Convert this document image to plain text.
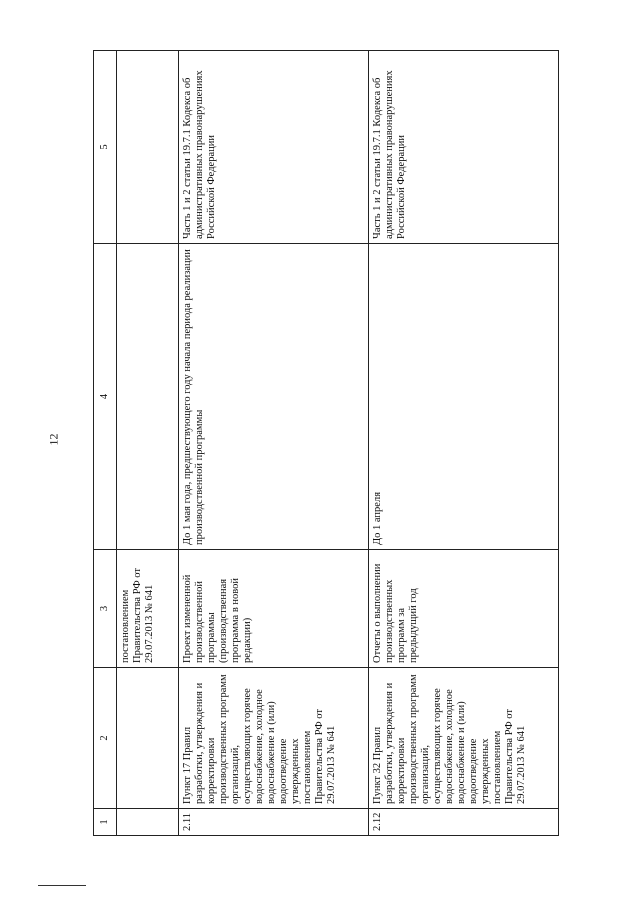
12
1	2	3	4	5
		постановлением Правительства РФ от 29.07.2013 № 641		
2.11	Пункт 17 Правил разработки, утверждения и корректировки производственных программ организаций, осуществляющих горячее водоснабжение, холодное водоснабжение и (или) водоотведение утвержденных постановлением Правительства РФ от 29.07.2013 № 641	Проект измененной производственной программы (производственная программа в новой редакции)	До 1 мая года, предшествующего году начала периода реализации производственной программы	Часть 1 и 2 статьи 19.7.1 Кодекса об административных правонарушениях Российской Федерации
2.12	Пункт 32 Правил разработки, утверждения и корректировки производственных программ организаций, осуществляющих горячее водоснабжение, холодное водоснабжение и (или) водоотведение утвержденных постановлением Правительства РФ от 29.07.2013 № 641	Отчеты о выполнении производственных программ за предыдущий год	До 1 апреля	Часть 1 и 2 статьи 19.7.1 Кодекса об административных правонарушениях Российской Федерации
